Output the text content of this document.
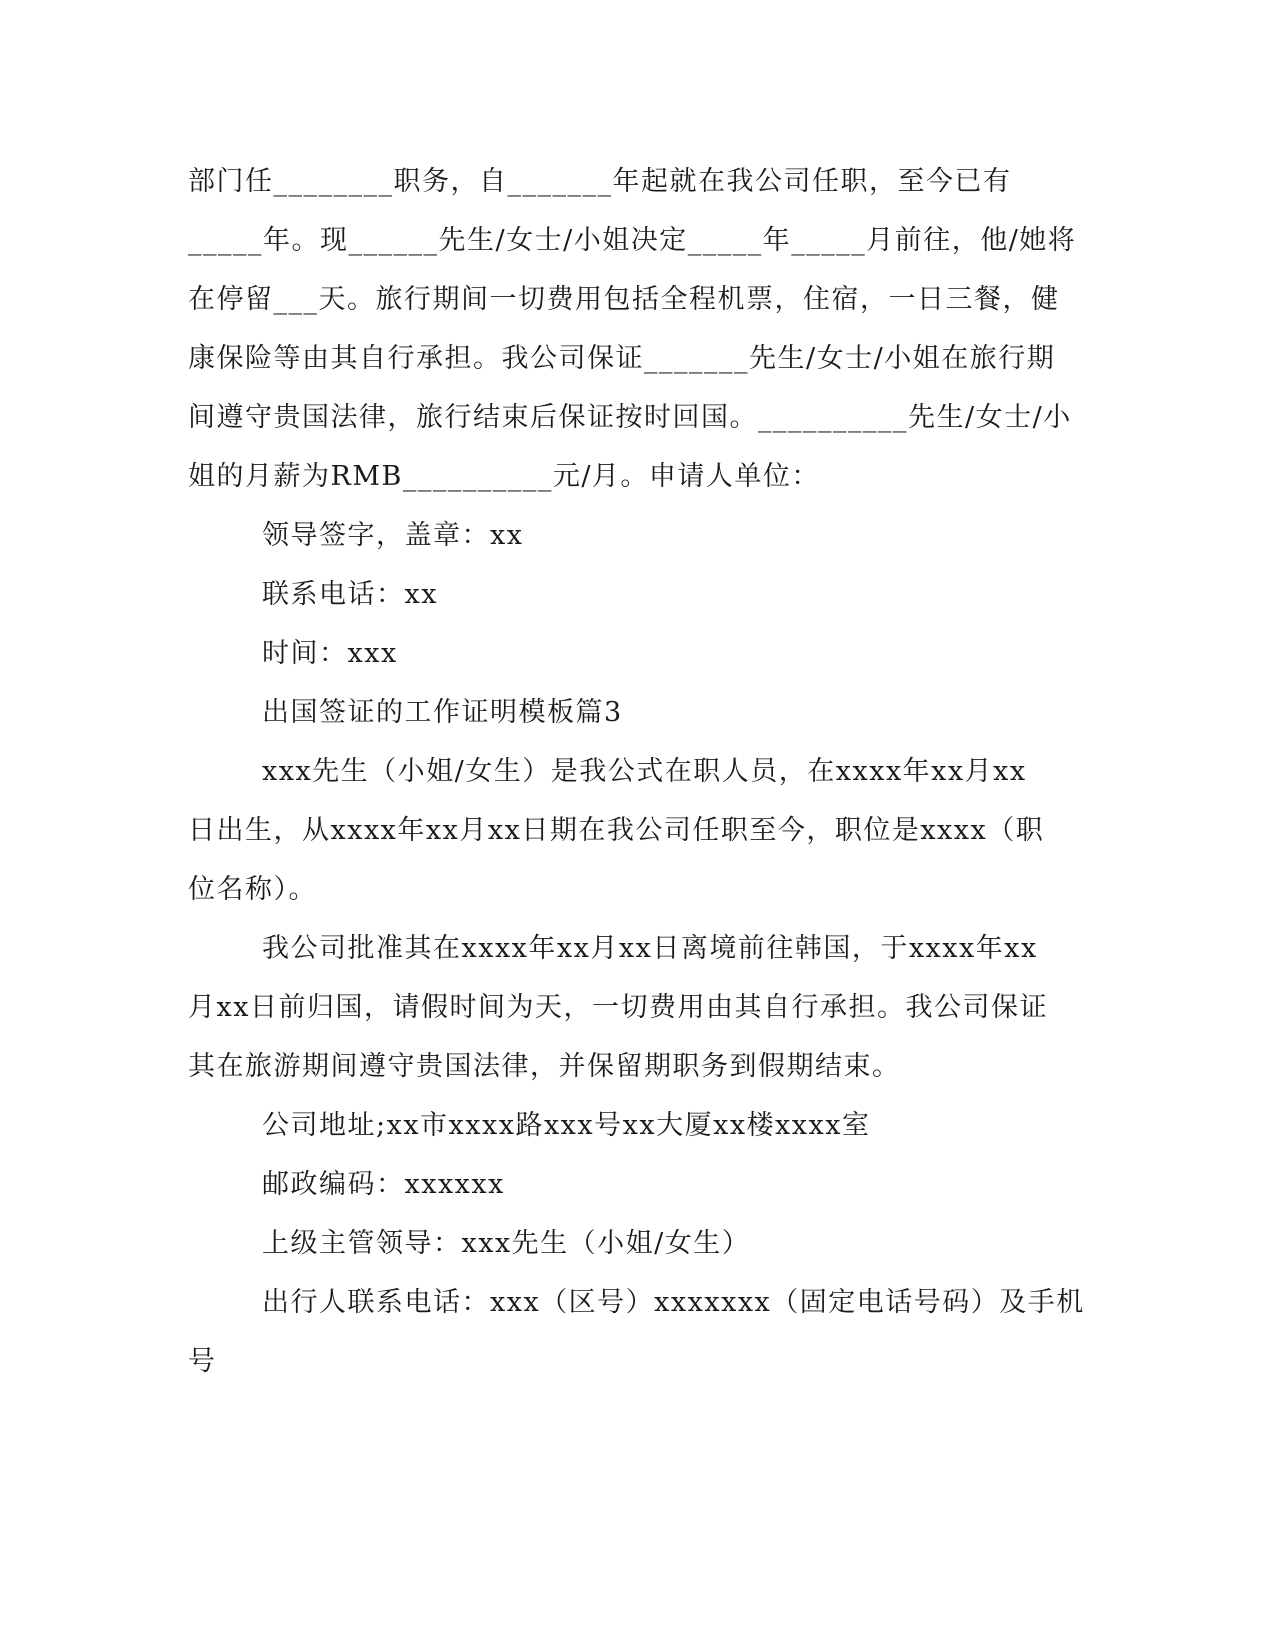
部门任________职务，自_______年起就在我公司任职，至今已有
_____年。现______先生/女士/小姐决定_____年_____月前往，他/她将
在停留___天。旅行期间一切费用包括全程机票，住宿，一日三餐，健
康保险等由其自行承担。我公司保证_______先生/女士/小姐在旅行期
间遵守贵国法律，旅行结束后保证按时回国。__________先生/女士/小
姐的月薪为RMB__________元/月。申请人单位：
领导签字，盖章：xx
联系电话：xx
时间：xxx
出国签证的工作证明模板篇3
xxx先生（小姐/女生）是我公式在职人员，在xxxx年xx月xx
日出生，从xxxx年xx月xx日期在我公司任职至今，职位是xxxx（职
位名称）。
我公司批准其在xxxx年xx月xx日离境前往韩国，于xxxx年xx
月xx日前归国，请假时间为天，一切费用由其自行承担。我公司保证
其在旅游期间遵守贵国法律，并保留期职务到假期结束。
公司地址;xx市xxxx路xxx号xx大厦xx楼xxxx室
邮政编码：xxxxxx
上级主管领导：xxx先生（小姐/女生）
出行人联系电话：xxx（区号）xxxxxxx（固定电话号码）及手机
号
